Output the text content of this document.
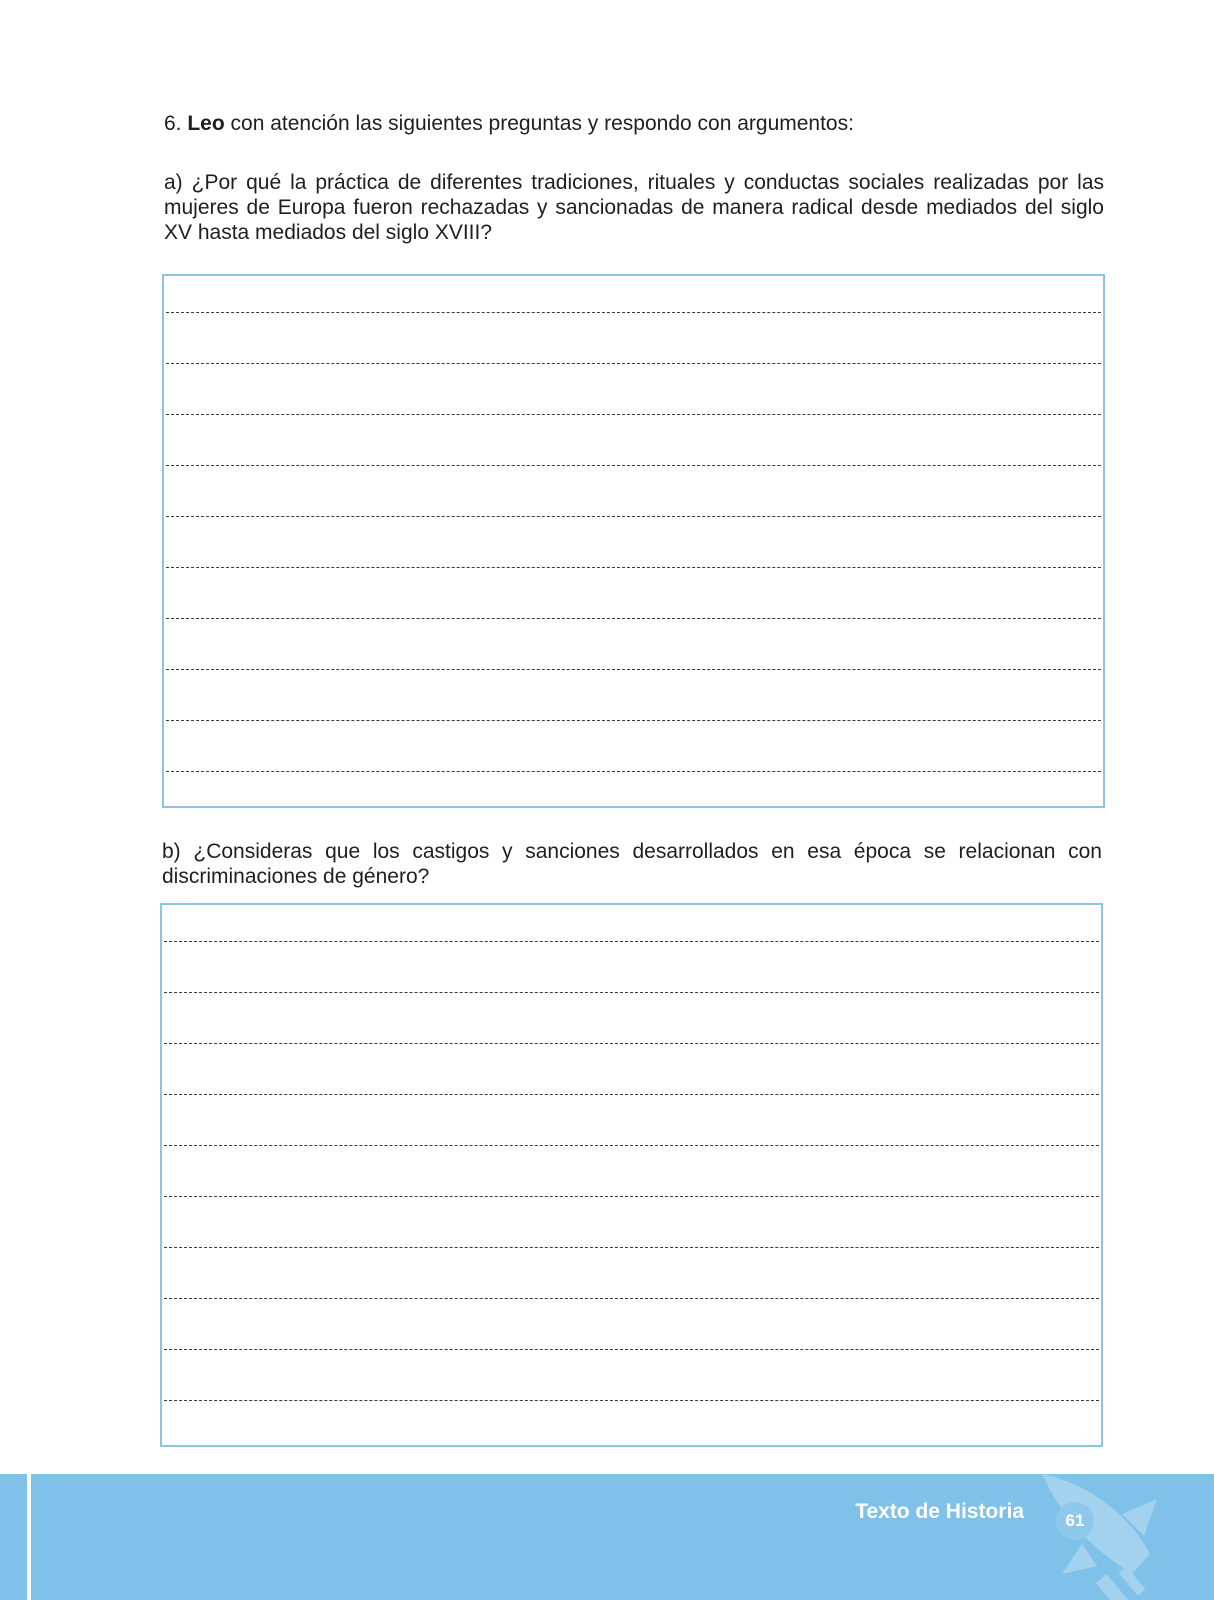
6. Leo con atención las siguientes preguntas y respondo con argumentos:

a) ¿Por qué la práctica de diferentes tradiciones, rituales y conductas sociales realizadas por las mujeres de Europa fueron rechazadas y sancionadas de manera radical desde mediados del siglo XV hasta mediados del siglo XVIII?

b) ¿Consideras que los castigos y sanciones desarrollados en esa época se relacionan con discriminaciones de género?

Texto de Historia	61
